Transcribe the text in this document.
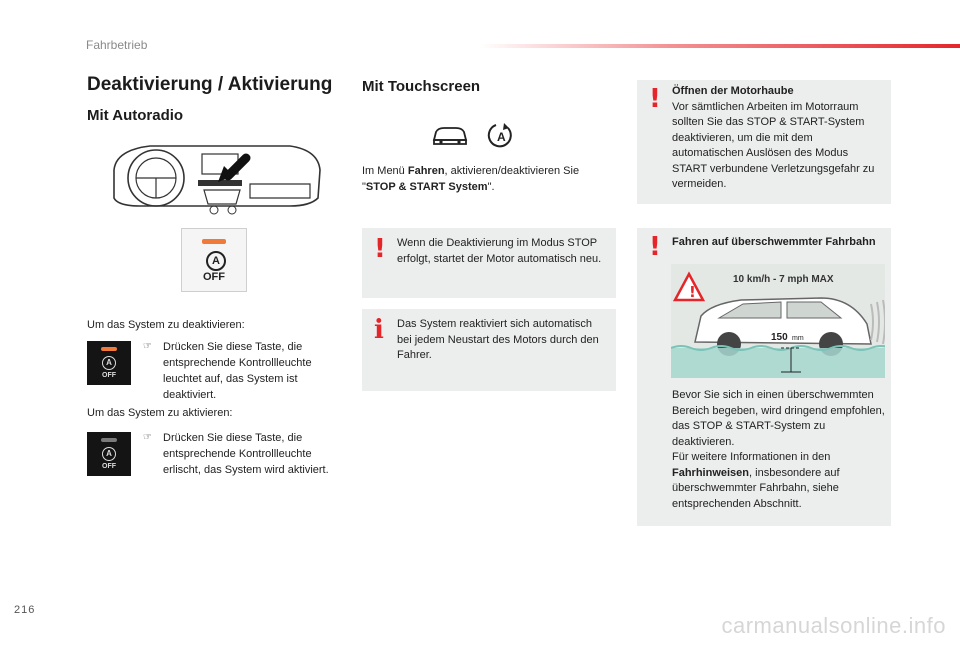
Fahrbetrieb
Deaktivierung / Aktivierung
Mit Autoradio
A
OFF
Um das System zu deaktivieren:
A
OFF
☞ Drücken Sie diese Taste, die entsprechende Kontrollleuchte leuchtet auf, das System ist deaktiviert.
Um das System zu aktivieren:
A
OFF
☞ Drücken Sie diese Taste, die entsprechende Kontrollleuchte erlischt, das System wird aktiviert.
Mit Touchscreen
A
Im Menü Fahren, aktivieren/deaktivieren Sie "STOP & START System".
! Wenn die Deaktivierung im Modus STOP erfolgt, startet der Motor automatisch neu.
i Das System reaktiviert sich automatisch bei jedem Neustart des Motors durch den Fahrer.
! Öffnen der Motorhaube
Vor sämtlichen Arbeiten im Motorraum sollten Sie das STOP & START-System deaktivieren, um die mit dem automatischen Auslösen des Modus START verbundene Verletzungsgefahr zu vermeiden.
! Fahren auf überschwemmter Fahrbahn
!
10 km/h - 7 mph MAX
150 mm
Bevor Sie sich in einen überschwemmten Bereich begeben, wird dringend empfohlen, das STOP & START-System zu deaktivieren.
Für weitere Informationen in den Fahrhinweisen, insbesondere auf überschwemmter Fahrbahn, siehe entsprechenden Abschnitt.
216
carmanualsonline.info
